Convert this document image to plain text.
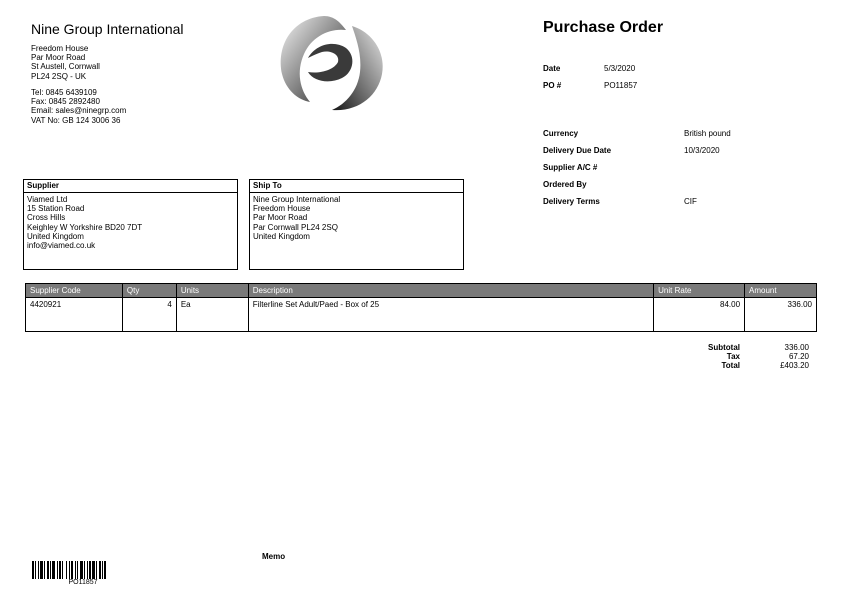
Nine Group International
Freedom House
Par Moor Road
St Austell, Cornwall
PL24 2SQ - UK
Tel: 0845 6439109
Fax: 0845 2892480
Email: sales@ninegrp.com
VAT No: GB 124 3006 36
Purchase Order
Date	5/3/2020
PO #	PO11857
Currency	British pound
Delivery Due Date	10/3/2020
Supplier A/C #
Ordered By
Delivery Terms	CIF
Supplier
Viamed Ltd
15 Station Road
Cross Hills
Keighley W Yorkshire BD20 7DT
United Kingdom
info@viamed.co.uk
Ship To
Nine Group International
Freedom House
Par Moor Road
Par Cornwall PL24 2SQ
United Kingdom
Supplier Code	Qty	Units	Description	Unit Rate	Amount
4420921	4	Ea	Filterline Set Adult/Paed - Box of 25	84.00	336.00
Subtotal	336.00
Tax	67.20
Total	£403.20
Memo
PO11857
